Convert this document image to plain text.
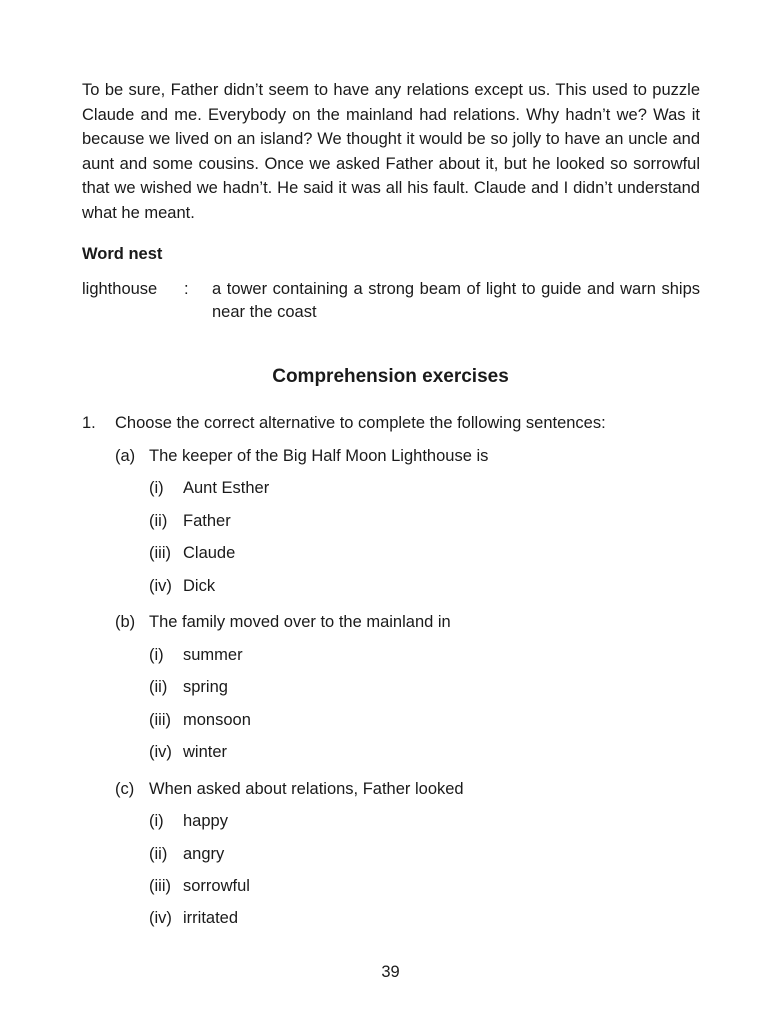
To be sure, Father didn’t seem to have any relations except us. This used to puzzle Claude and me. Everybody on the mainland had relations. Why hadn’t we? Was it because we lived on an island? We thought it would be so jolly to have an uncle and aunt and some cousins. Once we asked Father about it, but he looked so sorrowful that we wished we hadn’t. He said it was all his fault. Claude and I didn’t understand what he meant.

Word nest
lighthouse : a tower containing a strong beam of light to guide and warn ships near the coast
Comprehension exercises
1. Choose the correct alternative to complete the following sentences:
(a) The keeper of the Big Half Moon Lighthouse is
(i) Aunt Esther
(ii) Father
(iii) Claude
(iv) Dick
(b) The family moved over to the mainland in
(i) summer
(ii) spring
(iii) monsoon
(iv) winter
(c) When asked about relations, Father looked
(i) happy
(ii) angry
(iii) sorrowful
(iv) irritated
39
